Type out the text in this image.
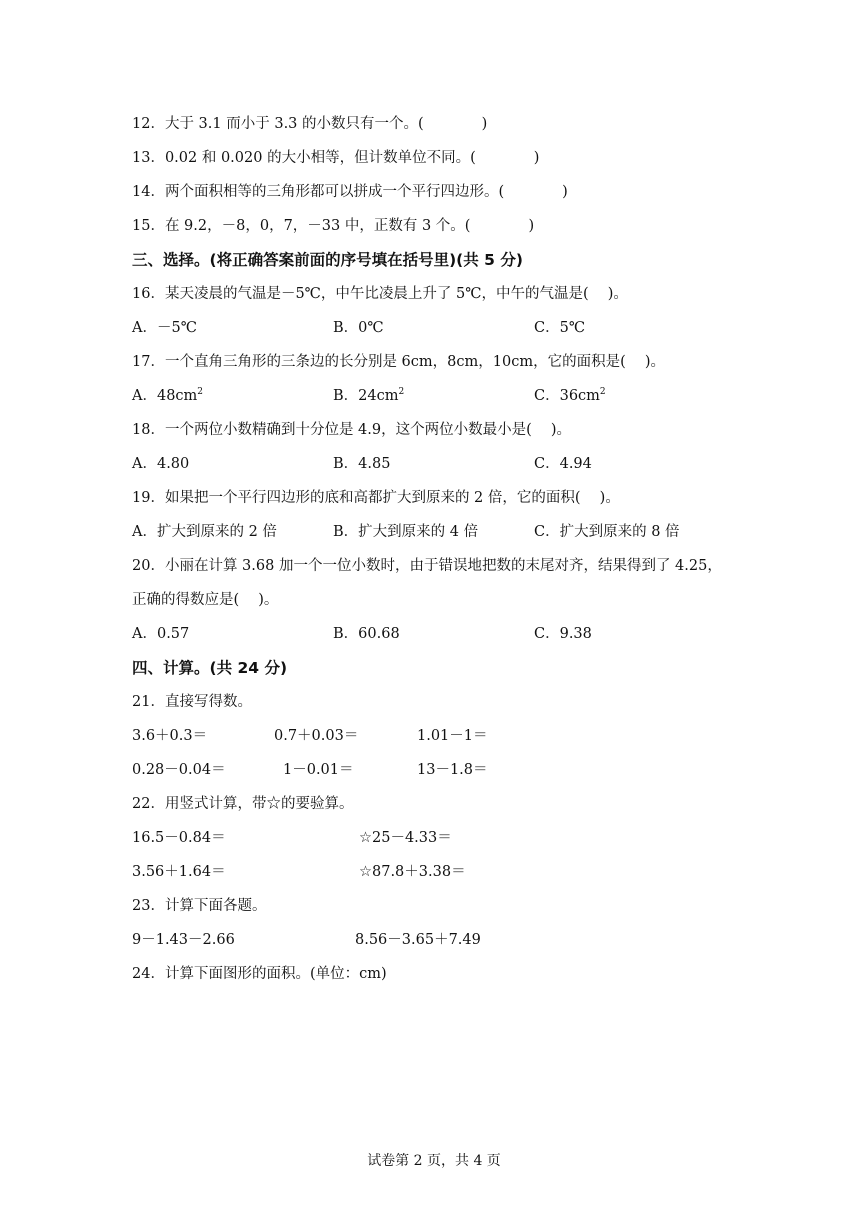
12．大于 3.1 而小于 3.3 的小数只有一个。(　　　　)
13．0.02 和 0.020 的大小相等，但计数单位不同。(　　　　)
14．两个面积相等的三角形都可以拼成一个平行四边形。(　　　　)
15．在 9.2，－8，0，7，－33 中，正数有 3 个。(　　　　)
三、选择。(将正确答案前面的序号填在括号里)(共 5 分)
16．某天凌晨的气温是－5℃，中午比凌晨上升了 5℃，中午的气温是(　 )。
A．－5℃	B．0℃	C．5℃
17．一个直角三角形的三条边的长分别是 6cm，8cm，10cm，它的面积是(　 )。
A．$48cm^2$	B．$24cm^2$	C．$36cm^2$
18．一个两位小数精确到十分位是 4.9，这个两位小数最小是(　 )。
A．4.80	B．4.85	C．4.94
19．如果把一个平行四边形的底和高都扩大到原来的 2 倍，它的面积(　 )。
A．扩大到原来的 2 倍	B．扩大到原来的 4 倍	C．扩大到原来的 8 倍
20．小丽在计算 3.68 加一个一位小数时，由于错误地把数的末尾对齐，结果得到了 4.25，
正确的得数应是(　 )。
A．0.57	B．60.68	C．9.38
四、计算。(共 24 分)
21．直接写得数。
3.6＋0.3＝	0.7＋0.03＝	1.01－1＝
0.28－0.04＝	1－0.01＝	13－1.8＝
22．用竖式计算，带☆的要验算。
16.5－0.84＝	☆25－4.33＝
3.56＋1.64＝	☆87.8＋3.38＝
23．计算下面各题。
9－1.43－2.66	8.56－3.65＋7.49
24．计算下面图形的面积。(单位：cm)
试卷第 2 页，共 4 页
